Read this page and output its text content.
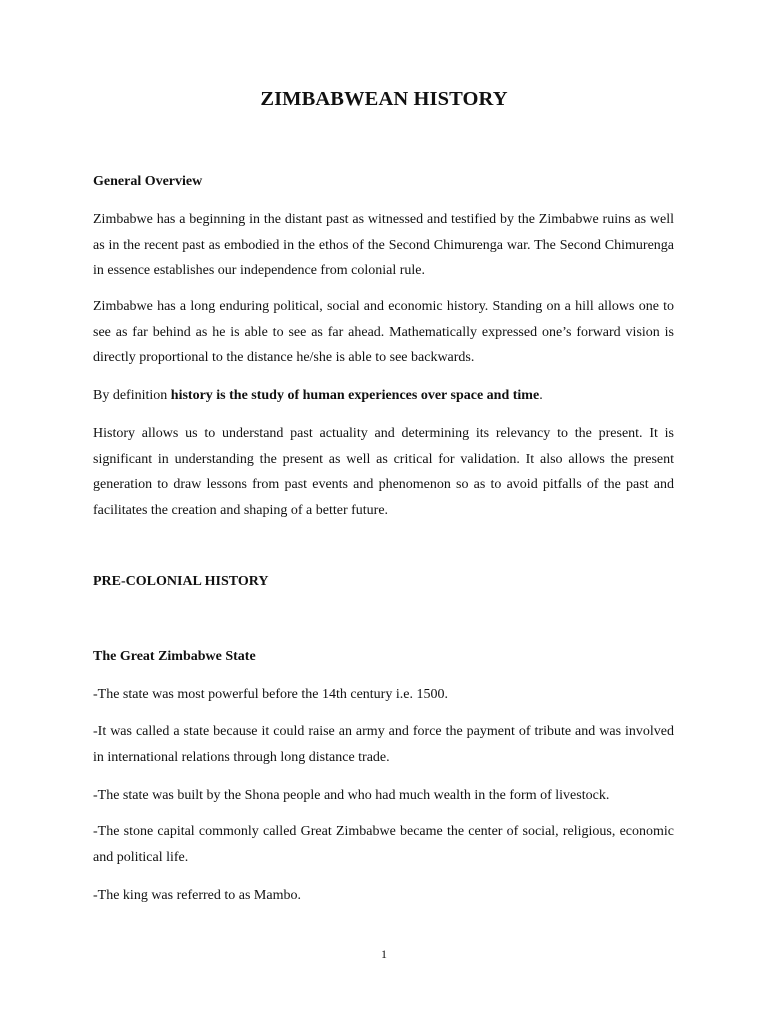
ZIMBABWEAN HISTORY
General Overview

Zimbabwe has a beginning in the distant past as witnessed and testified by the Zimbabwe ruins as well as in the recent past as embodied in the ethos of the Second Chimurenga war. The Second Chimurenga in essence establishes our independence from colonial rule.

Zimbabwe has a long enduring political, social and economic history. Standing on a hill allows one to see as far behind as he is able to see as far ahead. Mathematically expressed one’s forward vision is directly proportional to the distance he/she is able to see backwards.

By definition history is the study of human experiences over space and time.

History allows us to understand past actuality and determining its relevancy to the present. It is significant in understanding the present as well as critical for validation. It also allows the present generation to draw lessons from past events and phenomenon so as to avoid pitfalls of the past and facilitates the creation and shaping of a better future.

PRE-COLONIAL HISTORY
The Great Zimbabwe State

-The state was most powerful before the 14th century i.e. 1500.

-It was called a state because it could raise an army and force the payment of tribute and was involved in international relations through long distance trade.

-The state was built by the Shona people and who had much wealth in the form of livestock.

-The stone capital commonly called Great Zimbabwe became the center of social, religious, economic and political life.

-The king was referred to as Mambo.

1
